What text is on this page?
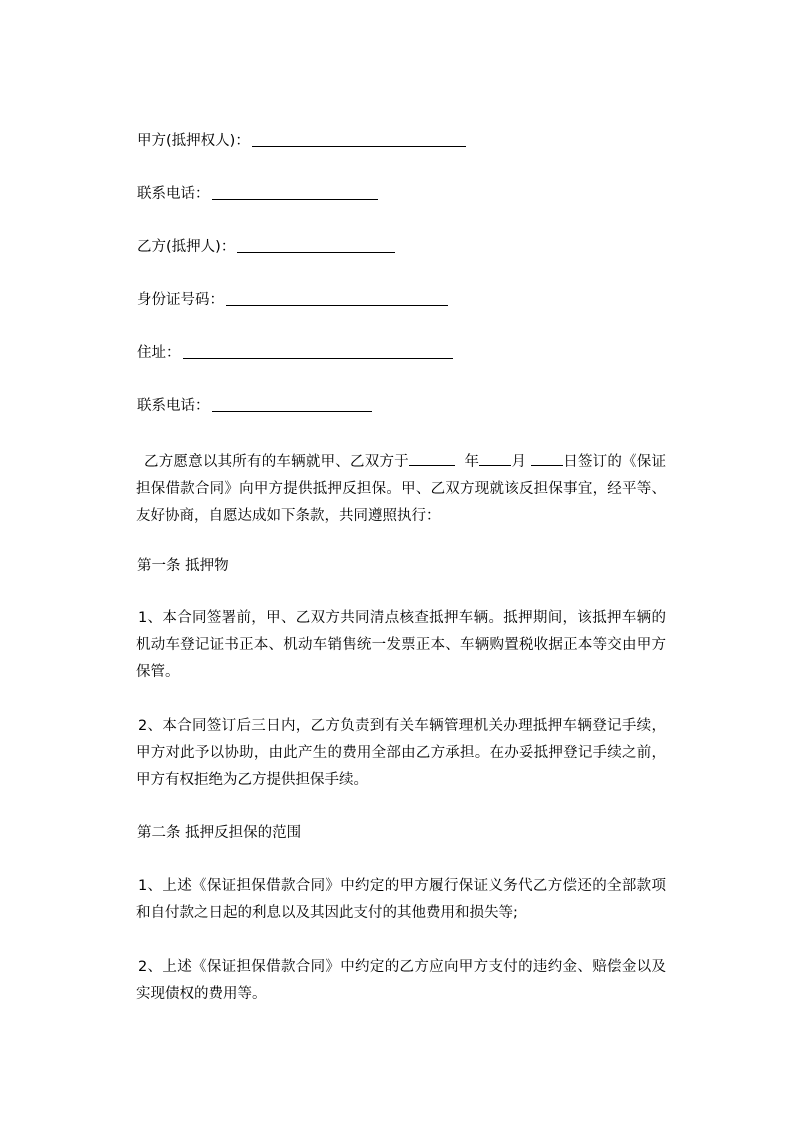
甲方(抵押权人)：
联系电话：
乙方(抵押人)：
身份证号码：
住址：
联系电话：

乙方愿意以其所有的车辆就甲、乙双方于	年 月	日签订的《保证担保借款合同》向甲方提供抵押反担保。甲、乙双方现就该反担保事宜，经平等、友好协商，自愿达成如下条款，共同遵照执行：

第一条 抵押物

1、本合同签署前，甲、乙双方共同清点核查抵押车辆。抵押期间，该抵押车辆的机动车登记证书正本、机动车销售统一发票正本、车辆购置税收据正本等交由甲方保管。

2、本合同签订后三日内，乙方负责到有关车辆管理机关办理抵押车辆登记手续，甲方对此予以协助，由此产生的费用全部由乙方承担。在办妥抵押登记手续之前，甲方有权拒绝为乙方提供担保手续。

第二条 抵押反担保的范围

1、上述《保证担保借款合同》中约定的甲方履行保证义务代乙方偿还的全部款项和自付款之日起的利息以及其因此支付的其他费用和损失等;

2、上述《保证担保借款合同》中约定的乙方应向甲方支付的违约金、赔偿金以及实现债权的费用等。
